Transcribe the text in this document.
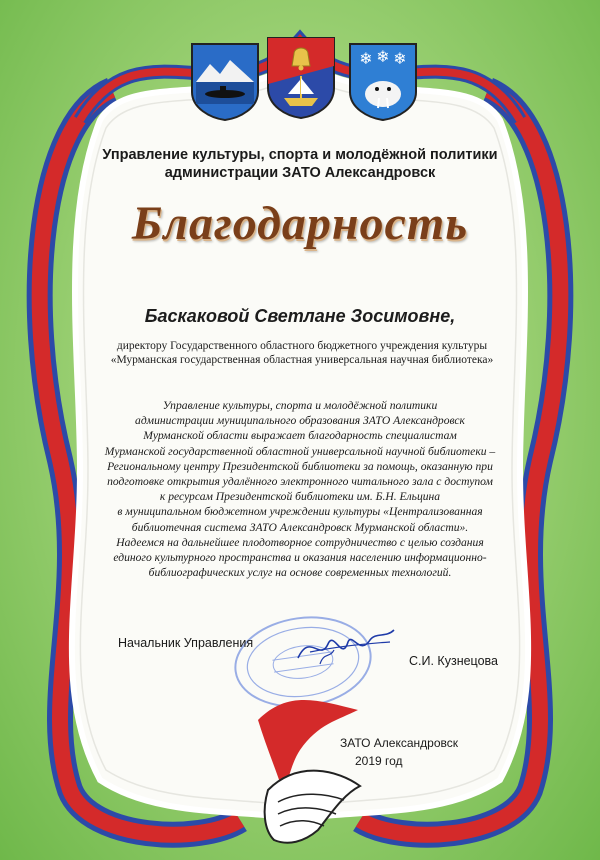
❄ ❄ ❄
Управление культуры, спорта и молодёжной политики
администрации ЗАТО Александровск
Благодарность
Баскаковой Светлане Зосимовне,
директору Государственного областного бюджетного учреждения культуры
«Мурманская государственная областная универсальная научная библиотека»
Управление культуры, спорта и молодёжной политики
администрации муниципального образования ЗАТО Александровск
Мурманской области выражает благодарность специалистам
Мурманской государственной областной универсальной научной библиотеки –
Региональному центру Президентской библиотеки за помощь, оказанную при
подготовке открытия удалённого электронного читального зала с доступом
к ресурсам Президентской библиотеки им. Б.Н. Ельцина
в муниципальном бюджетном учреждении культуры «Централизованная
библиотечная система ЗАТО Александровск Мурманской области».
Надеемся на дальнейшее плодотворное сотрудничество с целью создания
единого культурного пространства и оказания населению информационно-
библиографических услуг на основе современных технологий.
Начальник Управления
С.И. Кузнецова
ЗАТО Александровск
2019 год
